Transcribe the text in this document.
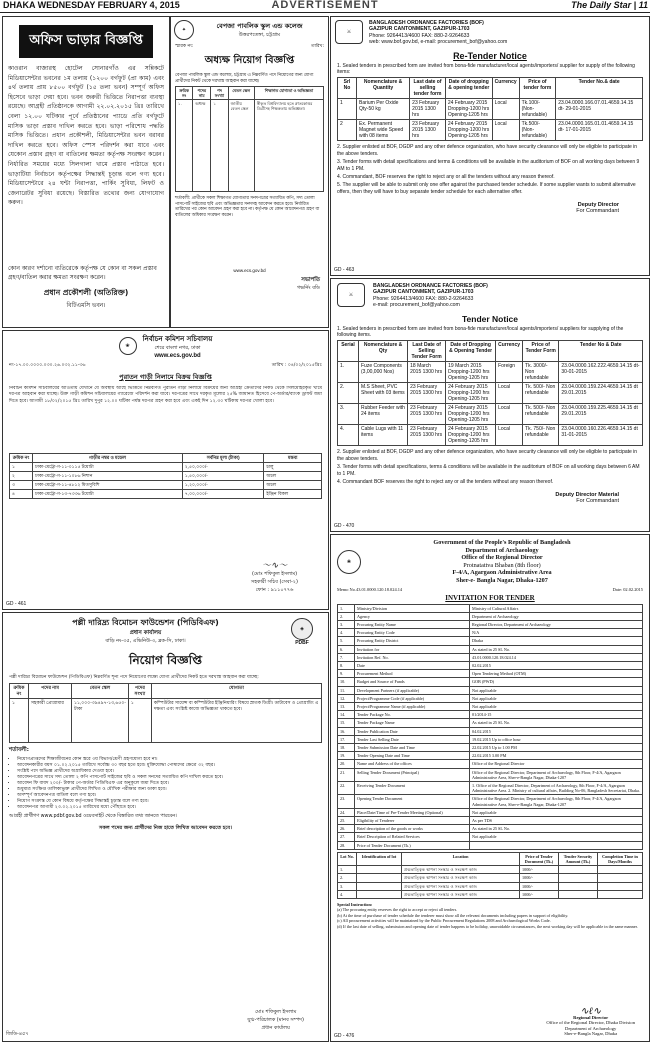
DHAKA WEDNESDAY FEBRUARY 4, 2015	ADVERTISEMENT	The Daily Star | 11
অফিস ভাড়ার বিজ্ঞপ্তি
কাওরান বাজারস্থ হোটেল সোনারগাঁও এর সন্নিকটে মিডিয়াসেন্টার ভবনের ১ম তলায় (১২০০ বর্গফুট (প্রা কাম) এবং ৪র্থ তলায় প্রায় ৮৫০০ বর্গফুট (১৫ তলা ভবন) সম্পূর্ণ অফিস হিসেবে ভাড়া দেয়া হবে। ভবন জরুরী ভিত্তিতে নিরাপত্তা ব্যবস্থা রয়েছে। আগ্রহী প্রতিষ্ঠানকে আগামী ২২.০২.২০১৫ খ্রিঃ তারিখে বেলা ১২.০০ ঘটিকার পূর্বে প্রতিষ্ঠানের প্যাডে প্রতি বর্গফুটে মাসিক ভাড়া প্রস্তাব দাখিল করতে হবে। ভাড়া পরিশোধ পদ্ধতি মাসিক ভিত্তিতে। প্রধান প্রকৌশলী, মিডিয়াসেন্টার ভবন বরাবর দাখিল করতে হবে। অফিস স্পেস পরিদর্শন করা যাবে এবং যেকোন প্রস্তাব গ্রহণ বা বাতিলের ক্ষমতা কর্তৃপক্ষ সংরক্ষণ করেন। নির্ধারিত সময়ের মধ্যে সিলগালা খামে প্রস্তাব পাঠাতে হবে। ভাড়াটিয়া নির্বাচনে কর্তৃপক্ষের সিদ্ধান্তই চূড়ান্ত বলে গণ্য হবে। মিডিয়াসেন্টারে ২৪ ঘন্টা নিরাপত্তা, পার্কিং সুবিধা, লিফট ও জেনারেটর সুবিধা রয়েছে। বিস্তারিত তথ্যের জন্য যোগাযোগ করুন।
কোন কারণ দর্শানো ব্যতিরেকে কর্তৃপক্ষ যে কোন বা সকল প্রস্তাব গ্রহণ/বাতিল করার ক্ষমতা সংরক্ষণ করেন।
প্রধান প্রকৌশলী (অতিরিক্ত)
বিটিএমসি ভবন।
✦
বেপজা পাবলিক স্কুল এন্ড কলেজ
উত্তরপতেঙ্গা, চট্টগ্রাম
স্মারক নং:	তারিখ:
অধ্যক্ষ নিয়োগ বিজ্ঞপ্তি
বেপজা পাবলিক স্কুল এন্ড কলেজ, চট্টগ্রাম এ নিম্নবর্ণিত পদে নিয়োগের জন্য যোগ্য প্রার্থীদের নিকট থেকে দরখাস্ত আহবান করা যাচ্ছে।
ক্রমিক নং	পদের নাম	পদ সংখ্যা	বেতন স্কেল	শিক্ষাগত যোগ্যতা ও অভিজ্ঞতা
১.	অধ্যক্ষ	১	জাতীয় বেতন স্কেল	স্বীকৃত বিশ্ববিদ্যালয় হতে স্নাতকোত্তর ডিগ্রীসহ শিক্ষকতায় অভিজ্ঞতা।
শর্তাবলী: প্রার্থীকে সকল শিক্ষাগত যোগ্যতার সনদপত্রের সত্যায়িত কপি, সদ্য তোলা পাসপোর্ট সাইজের ছবি এবং অভিজ্ঞতার সনদসহ আবেদন করতে হবে। নির্ধারিত তারিখের পর কোন আবেদন গ্রহণ করা হবে না। কর্তৃপক্ষ যে কোন আবেদনপত্র গ্রহণ বা বাতিলের অধিকার সংরক্ষণ করেন।
www.ecs.gov.bd
সভাপতি
গভর্নিং বডি
⚔
BANGLADESH ORDNANCE FACTORIES (BOF)
GAZIPUR CANTONMENT, GAZIPUR-1703
Phone: 9264413/4600 FAX: 880-2-9264633
web: www.bof.gov.bd, e-mail: procurement_bof@yahoo.com
Re-Tender Notice
1. Sealed tenders in prescribed form are invited from bona-fide manufacturer/local agents/importers/ supplier for supply of the following items:
Srl No	Nomenclature & Quantity	Last date of selling tender form	Date of dropping & opening tender	Currency	Price of tender form	Tender No.& date
1	Barium Per Oxide Qty-50 kg	23 February 2015 1300 hrs	24 February 2015 Dropping-1200 hrs Opening-1205 hrs	Local	Tk.100/- (Non-refundable)	23.04.0000.166.07.01.4659.14.15 dt- 29-01-2015
2	Ex. Permanent Magnet wide Speed with 08 items	23 February 2015 1300 hrs	24 February 2015 Dropping-1200 hrs Opening-1205 hrs	Local	Tk.500/- (Non-refundable)	23.04.0000.165.01.01.4659.14.15 dt- 17-01-2015
2. Supplier enlisted at BOF, DGDP and any other defence organization, who have security clearance will only be eligible to participate in the above tenders.
3. Tender forms with detail specifications and terms & conditions will be available in the auditorium of BOF on all working days between 9 AM to 1 PM.
4. Commandant, BOF reserves the right to reject any or all the tenders without any reason thereof.
5. The supplier will be able to submit only one offer against the purchased tender schedule. If some supplier wants to submit alternative offers, then they will have to buy separate tender schedule for each alternative offer.
Deputy Director
For Commandant
GD - 463
❀
নির্বাচন কমিশন সচিবালয়
শেরে বাংলা নগর, ঢাকা
www.ecs.gov.bd
নং-১৭.০০.০০০০.০৩০.২৬.০৩২.১১-৩৬	তারিখ : ০৪/০২/২০১৫খ্রিঃ
পুরাতন গাড়ী নিলামে বিক্রয় বিজ্ঞপ্তি
নির্বাচন কমিশন সচিবালয়ের আওতায় যেখানে যে অবস্থায় আছে ভিত্তিতে নিম্নবর্ণিত পুরাতন গাড়ী নিলামে বিক্রয়ের জন্য আগ্রহী ক্রেতাদের নিকট থেকে সিলমোহরকৃত খামে দরপত্র আহবান করা যাচ্ছে। উক্ত গাড়ী কমিশন সচিবালয়ের গ্যারেজে পরিদর্শন করা যাবে। দরপত্রের সাথে দরকৃত মূল্যের ২৫% জামানত হিসেবে পে-অর্ডার/ব্যাংক ড্রাফট জমা দিতে হবে। আগামী ১৮/০২/২০১৫ খ্রিঃ তারিখ দুপুর ১২.০০ ঘটিকা পর্যন্ত দরপত্র গ্রহণ করা হবে এবং একই দিন ১২.৩০ ঘটিকায় দরপত্র খোলা হবে।
ক্রমিক নং	গাড়ীর নম্বর ও মডেল	সর্বনিম্ন মূল্য (টাকা)	মন্তব্য
১	ঢাকা-মেট্রো-গ-১১-০১১৫ টয়োটা	২,৫০,০০০/-	চালু
২	ঢাকা-মেট্রো-গ-১১-১০৮৬ নিশান	১,৫০,০০০/-	অচল
৩	ঢাকা-মেট্রো-গ-১১-৪৮১২ মিতসুবিশি	১,২০,০০০/-	অচল
৪	ঢাকা-মেট্রো-গ-১৩-৭৩৩৬ টয়োটা	৭,০০,০০০/-	ইঞ্জিন বিকল
〜∿〜
(মোঃ শফিকুল ইসলাম)
সহকারী সচিব (সেবা-২)
ফোন : ৯১১০৭৭৬
GD - 461
⚔
BANGLADESH ORDNANCE FACTORIES (BOF)
GAZIPUR CANTONMENT, GAZIPUR-1703
Phone: 9264413/4600 FAX: 880-2-9264633
e-mail: procurement_bof@yahoo.com
Tender Notice
1. Sealed tenders in prescribed form are invited from bona-fide manufacturer/local agents/importers/ suppliers for supplying of the following items.
Serial	Nomenclature & Qty	Last Date of Selling Tender Form	Date of Dropping & Opening Tender	Currency	Price of Tender Form	Tender No & Date
1.	Fuze Components (3,00,000 Nos)	18 March 2015 1300 hrs	19 March 2015 Dropping-1200 hrs Opening-1205 hrs	Foreign	Tk. 3000/- Non refundable	23.04.0000.162.222.4659.14.15 dt- 30-01-2015
2.	M.S Sheet, PVC Sheet with 03 items	23 February 2015 1300 hrs	24 February 2015 Dropping-1200 hrs Opening-1205 hrs	Local	Tk. 500/- Non refundable	23.04.0000.159.224.4659.14.15 dt 29.01.2015
3.	Rubber Feeder with 24 items	23 February 2015 1300 hrs	24 February 2015 Dropping-1200 hrs Opening-1205 hrs	Local	Tk. 500/- Non refundable	23.04.0000.159.225.4659.14.15 dt 29.01.2015
4.	Cable Lugs with 11 items	23 February 2015 1300 hrs	24 February 2015 Dropping-1200 hrs Opening-1205 hrs	Local	Tk. 750/- Non refundable	23.04.0000.160.226.4659.14.15 dt 31-01-2015
2. Supplier enlisted at BOF, DGDP and any other defence organization, who have security clearance will only be eligible to participate in the above tenders.
3. Tender forms with detail specifications, terms & conditions will be available in the auditorium of BOF on all working days between 6 AM to 1 PM.
4. Commandant BOF reserves the right to reject any or all the tenders without any reason thereof.
Deputy Director Material
For Commandant
GD - 470
পল্লী দারিদ্র্য বিমোচন ফাউন্ডেশন (পিডিবিএফ)
প্রধান কার্যালয়
বাড়ি নং-৩৫, এভিনিউ-৩, ব্লক-সি, ঢাকা।
◈
PDBF
নিয়োগ বিজ্ঞপ্তি
পল্লী দারিদ্র্য বিমোচন ফাউন্ডেশন (পিডিবিএফ) নিম্নবর্ণিত শূন্য পদে নিয়োগের লক্ষ্যে যোগ্য প্রার্থীদের নিকট হতে দরখাস্ত আহবান করা যাচ্ছে:
ক্রমিক নং	পদের নাম	বেতন স্কেল	পদের সংখ্যা	যোগ্যতা
১	সহকারী প্রোগ্রামার	১১,০০০-৩৯৪৯৭-১৩,৬৫০-টাকা	১	কম্পিউটার সায়েন্স বা কম্পিউটার ইঞ্জিনিয়ারিং বিষয়ে স্নাতক ডিগ্রী। ডাটাবেস ও প্রোগ্রামিং এ দক্ষতা এবং সংশ্লিষ্ট কাজে অভিজ্ঞতা থাকতে হবে।
শর্তাবলী:
• নিয়োগপ্রাপ্তদের শিক্ষাজীবনের কোন স্তরে ৩য় বিভাগ/শ্রেণী গ্রহণযোগ্য হবে না।
• আবেদনকারীর বয়স ০১.০২.২০১৫ তারিখে সর্বোচ্চ ৩০ বছর হতে হবে। মুক্তিযোদ্ধা পোষ্যদের ক্ষেত্রে ৩২ বছর।
• সংশ্লিষ্ট পদে অভিজ্ঞ প্রার্থীদের অগ্রাধিকার দেওয়া হবে।
• আবেদনপত্রের সাথে সদ্য তোলা ২ কপি পাসপোর্ট সাইজের ছবি ও সকল সনদের সত্যায়িত কপি দাখিল করতে হবে।
• আবেদন ফি বাবদ ২০০/- টাকার পে-অর্ডার পিডিবিএফ এর অনুকূলে জমা দিতে হবে।
• শুধুমাত্র সংক্ষিপ্ত তালিকাভুক্ত প্রার্থীদের লিখিত ও মৌখিক পরীক্ষার জন্য ডাকা হবে।
• অসম্পূর্ণ আবেদনপত্র বাতিল বলে গণ্য হবে।
• নিয়োগ সংক্রান্ত যে কোন বিষয়ে কর্তৃপক্ষের সিদ্ধান্তই চূড়ান্ত বলে গণ্য হবে।
• আবেদনপত্র আগামী ২৩.০২.২০১৫ তারিখের মধ্যে পৌঁছাতে হবে।
আগ্রহী প্রার্থীগণ www.pdbf.gov.bd ওয়েবসাইট থেকে বিস্তারিত তথ্য জানতে পারবেন।
সকল পদের জন্য প্রার্থীদের নিজ হাতে লিখিত আবেদন করতে হবে।
মোঃ শফিকুল ইসলাম
যুগ্ম-পরিচালক (মানব সম্পদ)
প্রধান কার্যালয়
জিডি-৪৫৭
❀
Government of the People's Republic of Bangladesh
Department of Archaeology
Office of the Regional Director
Protnatattva Bhaban (8th floor)
F-4/A, Agargaon Administrative Area
Sher-e- Bangla Nagar, Dhaka-1207
Memo No.43.01.0000.120.18.024.14	Date: 02.02.2015
INVITATION FOR TENDER
1.	Ministry/Division	Ministry of Cultural Affairs
2.	Agency	Department of Archaeology
3.	Procuring Entity Name	Regional Director, Department of Archaeology
4.	Procuring Entity Code	N/A
5.	Procuring Entity District	Dhaka
6.	Invitation for	As stated in 25 SL No.
7.	Invitation Ref. No.	43.01.0000.120.18.024.14
8.	Date	02.02.2015
9.	Procurement Method	Open Tendering Method (OTM)
10.	Budget and Source of Funds	GOB (PWD)
11.	Development Partners (if applicable)	Not applicable
12.	Project/Programme Code (if applicable)	Not applicable
13.	Project/Programme Name (if applicable)	Not applicable
14.	Tender Package No.	01/2014-15
15.	Tender Package Name	As stated in 25 SL No.
16.	Tender Publication Date	04.02.2015
17.	Tender Last Selling Date	19.02.2015 Up to office hour
18.	Tender Submission Date and Time	22.02.2015 Up to 1.00 PM
19.	Tender Opening Date and Time	22.02.2015 3.00 PM
20.	Name and Address of the offices	Office of the Regional Director
21.	Selling Tender Document (Principal)	Office of the Regional Director, Department of Archaeology, 8th Floor, F-4/A, Agargaon Administrative Area, Sher-e-Bangla Nagar, Dhaka-1207
22.	Receiving Tender Document	1. Office of the Regional Director, Department of Archaeology, 8th Floor, F-4/A, Agargaon Administrative Area. 2. Ministry of cultural affairs, Building No-06, Bangladesh Secretariat, Dhaka.
23.	Opening Tender Document	Office of the Regional Director, Department of Archaeology, 8th Floor, F-4/A, Agargaon Administrative Area, Sher-e-Bangla Nagar, Dhaka-1207
24.	Place/Date/Time of Pre-Tender Meeting (Optional)	Not applicable
25.	Eligibility of Tenderer	As per TDS
26.	Brief description of the goods or works	As stated in 25 SL No.
27.	Brief Description of Related Services	Not applicable
28.	Price of Tender Document (Tk.)	
Lot No.	Identification of lot	Location	Price of Tender Document (Tk.)	Tender Security Amount (Tk.)	Completion Time in Days/Months
1.		প্রত্নতাত্ত্বিক স্থাপনা সংস্কার ও সংরক্ষণ কাজ	1000/-		
2.		প্রত্নতাত্ত্বিক স্থাপনা সংস্কার ও সংরক্ষণ কাজ	1000/-		
3.		প্রত্নতাত্ত্বিক স্থাপনা সংস্কার ও সংরক্ষণ কাজ	1000/-		
4.		প্রত্নতাত্ত্বিক স্থাপনা সংস্কার ও সংরক্ষণ কাজ	1000/-		
Special Instruction:
(a) The procuring entity reserves the right to accept or reject all tenders.
(b) At the time of purchase of tender schedule the tenderer must show all the relevant documents including papers in support of eligibility.
(c) All procurement activities will be maintained by the Public Procurement Regulations 2008 and Archaeological Works Code.
(d) If the last date of selling, submission and opening date of tender happens to be holiday, unavoidable circumstances, the next working day will be applicable in the same manner.
∿ℓ∿
Regional Director
Office of the Regional Director, Dhaka Division
Department of Archaeology
Sher-e-Bangla Nagar, Dhaka
GD - 476
